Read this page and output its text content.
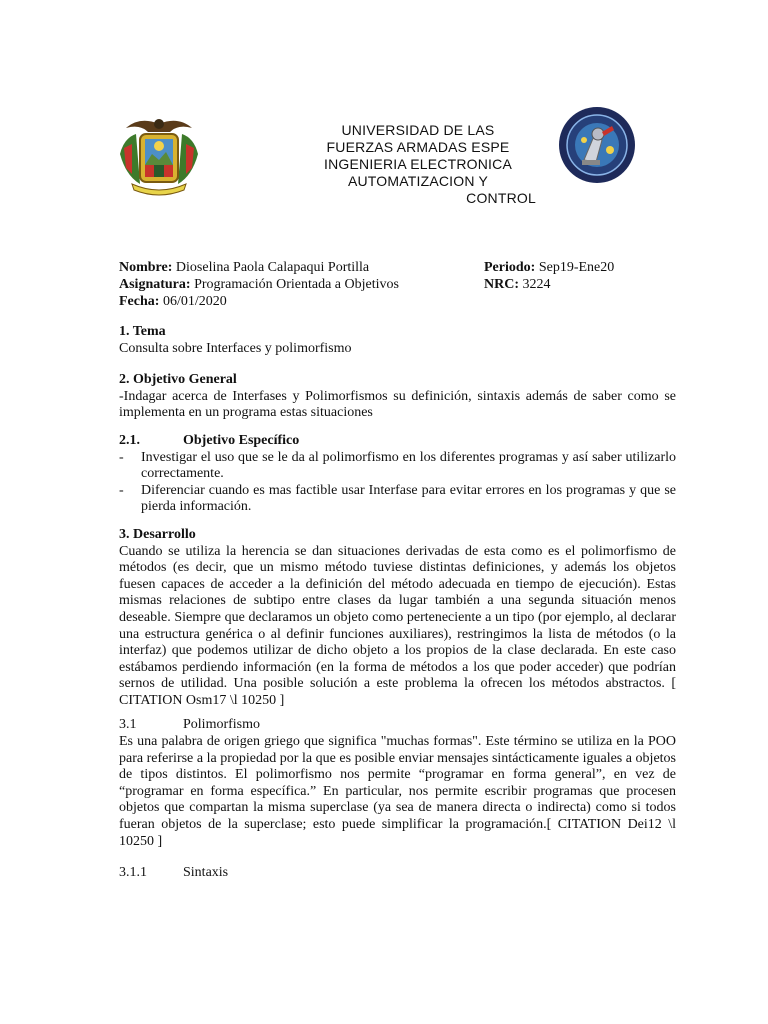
UNIVERSIDAD DE LAS
FUERZAS ARMADAS ESPE
INGENIERIA ELECTRONICA
AUTOMATIZACION Y
CONTROL
Nombre: Dioselina Paola Calapaqui Portilla	Periodo: Sep19-Ene20
Asignatura: Programación Orientada a Objetivos	NRC: 3224
Fecha: 06/01/2020

1. Tema

Consulta sobre Interfaces y polimorfismo

2. Objetivo General

-Indagar acerca de Interfases y Polimorfismos su definición, sintaxis además de saber como se implementa en un programa estas situaciones

2.1.	Objetivo Específico
-	Investigar el uso que se le da al polimorfismo en los diferentes programas y así saber utilizarlo correctamente.
-	Diferenciar cuando es mas factible usar Interfase para evitar errores en los programas y que se pierda información.

3. Desarrollo

Cuando se utiliza la herencia se dan situaciones derivadas de esta como es el polimorfismo de métodos (es decir, que un mismo método tuviese distintas definiciones, y además los objetos fuesen capaces de acceder a la definición del método adecuada en tiempo de ejecución). Estas mismas relaciones de subtipo entre clases da lugar también a una segunda situación menos deseable. Siempre que declaramos un objeto como perteneciente a un tipo (por ejemplo, al declarar una estructura genérica o al definir funciones auxiliares), restringimos la lista de métodos (o la interfaz) que podemos utilizar de dicho objeto a los propios de la clase declarada. En este caso estábamos perdiendo información (en la forma de métodos a los que poder acceder) que podrían sernos de utilidad. Una posible solución a este problema la ofrecen los métodos abstractos. [ CITATION Osm17 \l 10250 ]

3.1	Polimorfismo

Es una palabra de origen griego que significa "muchas formas". Este término se utiliza en la POO para referirse a la propiedad por la que es posible enviar mensajes sintácticamente iguales a objetos de tipos distintos. El polimorfismo nos permite “programar en forma general”, en vez de “programar en forma específica.” En particular, nos permite escribir programas que procesen objetos que compartan la misma superclase (ya sea de manera directa o indirecta) como si todos fueran objetos de la superclase; esto puede simplificar la programación.[ CITATION Dei12 \l 10250 ]

3.1.1	Sintaxis
